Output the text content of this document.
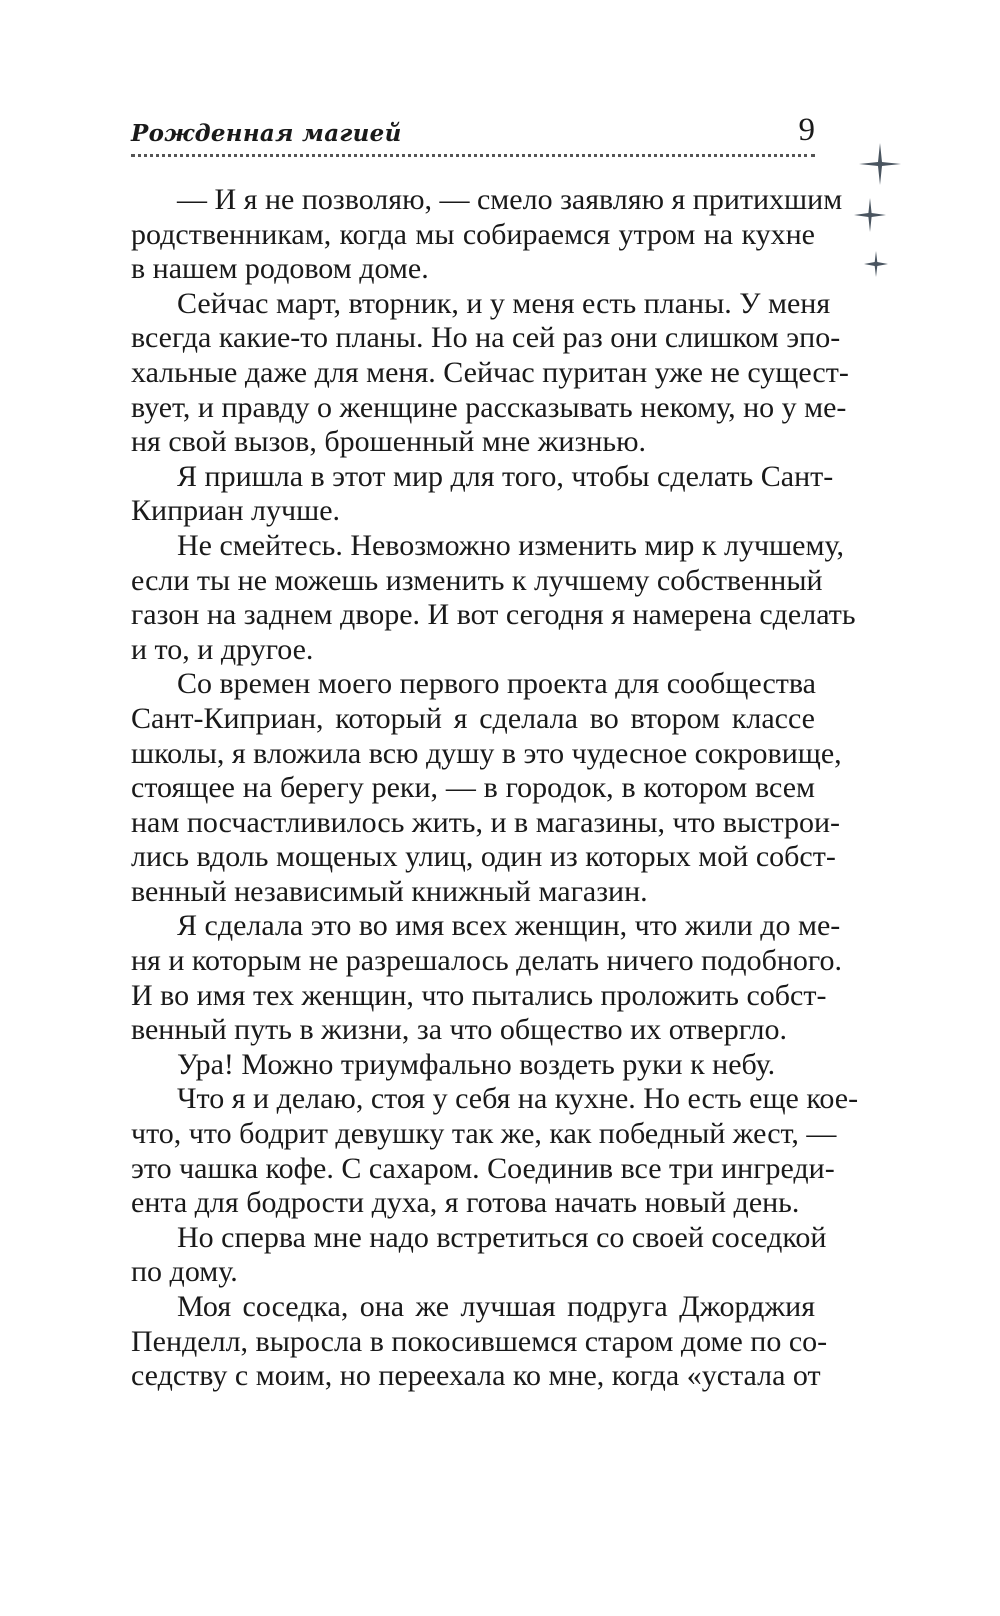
Рожденная магией	9
— И я не позволяю, — смело заявляю я притихшим
родственникам, когда мы собираемся утром на кухне
в нашем родовом доме.
Сейчас март, вторник, и у меня есть планы. У меня
всегда какие-то планы. Но на сей раз они слишком эпо-
хальные даже для меня. Сейчас пуритан уже не сущест-
вует, и правду о женщине рассказывать некому, но у ме-
ня свой вызов, брошенный мне жизнью.
Я пришла в этот мир для того, чтобы сделать Сант-
Киприан лучше.
Не смейтесь. Невозможно изменить мир к лучшему,
если ты не можешь изменить к лучшему собственный
газон на заднем дворе. И вот сегодня я намерена сделать
и то, и другое.
Со времен моего первого проекта для сообщества
Сант-Киприан, который я сделала во втором классе
школы, я вложила всю душу в это чудесное сокровище,
стоящее на берегу реки, — в городок, в котором всем
нам посчастливилось жить, и в магазины, что выстрои-
лись вдоль мощеных улиц, один из которых мой собст-
венный независимый книжный магазин.
Я сделала это во имя всех женщин, что жили до ме-
ня и которым не разрешалось делать ничего подобного.
И во имя тех женщин, что пытались проложить собст-
венный путь в жизни, за что общество их отвергло.
Ура! Можно триумфально воздеть руки к небу.
Что я и делаю, стоя у себя на кухне. Но есть еще кое-
что, что бодрит девушку так же, как победный жест, —
это чашка кофе. С сахаром. Соединив все три ингреди-
ента для бодрости духа, я готова начать новый день.
Но сперва мне надо встретиться со своей соседкой
по дому.
Моя соседка, она же лучшая подруга Джорджия
Пенделл, выросла в покосившемся старом доме по со-
седству с моим, но переехала ко мне, когда «устала от
